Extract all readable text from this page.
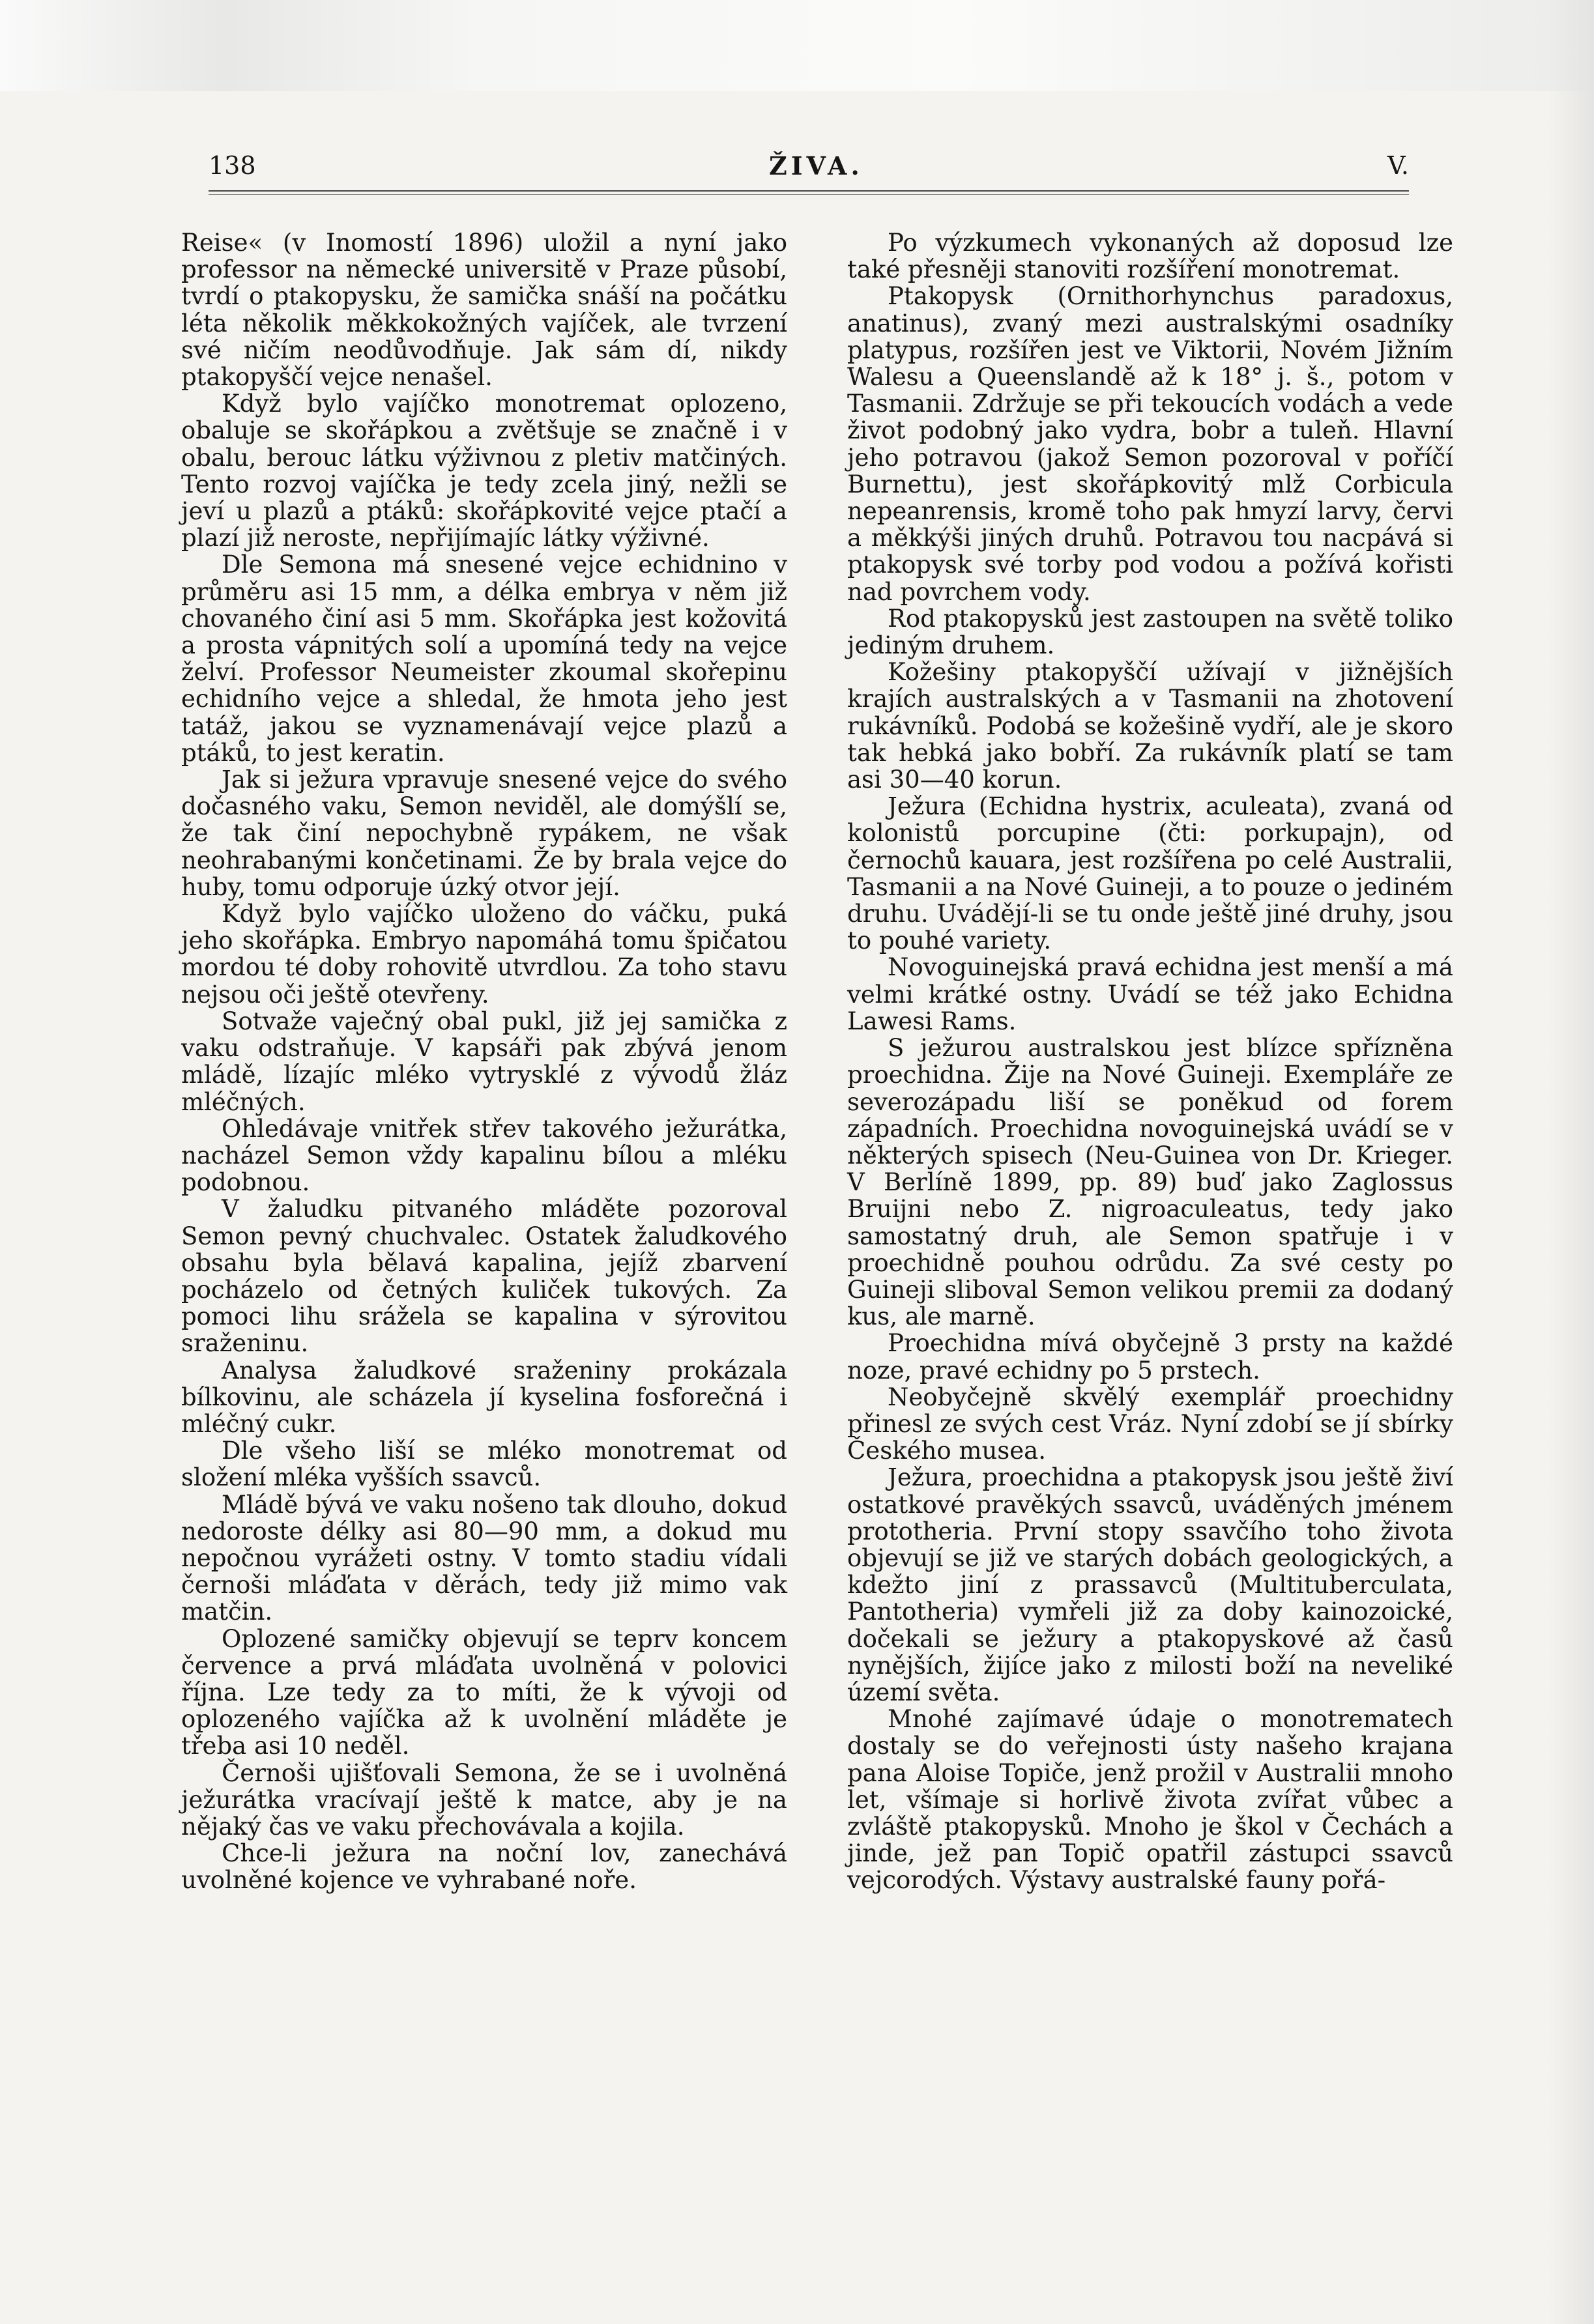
138	ŽIVA.	V.

Reise« (v Inomostí 1896) uložil a nyní jako professor na německé universitě v Praze působí, tvrdí o ptakopysku, že samička snáší na počátku léta několik měkkokožných vajíček, ale tvrzení své ničím neodůvodňuje. Jak sám dí, nikdy ptakopyščí vejce nenašel.

Když bylo vajíčko monotremat oplozeno, obaluje se skořápkou a zvětšuje se značně i v obalu, berouc látku výživnou z pletiv matčiných. Tento rozvoj vajíčka je tedy zcela jiný, nežli se jeví u plazů a ptáků: skořápkovité vejce ptačí a plazí již neroste, nepřijímajíc látky výživné.

Dle Semona má snesené vejce echidnino v průměru asi 15 mm, a délka embrya v něm již chovaného činí asi 5 mm. Skořápka jest kožovitá a prosta vápnitých solí a upomíná tedy na vejce želví. Professor Neumeister zkoumal skořepinu echidního vejce a shledal, že hmota jeho jest tatáž, jakou se vyznamenávají vejce plazů a ptáků, to jest keratin.

Jak si ježura vpravuje snesené vejce do svého dočasného vaku, Semon neviděl, ale domýšlí se, že tak činí nepochybně rypákem, ne však neohrabanými končetinami. Že by brala vejce do huby, tomu odporuje úzký otvor její.

Když bylo vajíčko uloženo do váčku, puká jeho skořápka. Embryo napomáhá tomu špičatou mordou té doby rohovitě utvrdlou. Za toho stavu nejsou oči ještě otevřeny.

Sotvaže vaječný obal pukl, již jej samička z vaku odstraňuje. V kapsáři pak zbývá jenom mládě, lízajíc mléko vytrysklé z vývodů žláz mléčných.

Ohledávaje vnitřek střev takového ježurátka, nacházel Semon vždy kapalinu bílou a mléku podobnou.

V žaludku pitvaného mláděte pozoroval Semon pevný chuchvalec. Ostatek žaludkového obsahu byla bělavá kapalina, jejíž zbarvení pocházelo od četných kuliček tukových. Za pomoci lihu srážela se kapalina v sýrovitou sraženinu.

Analysa žaludkové sraženiny prokázala bílkovinu, ale scházela jí kyselina fosforečná i mléčný cukr.

Dle všeho liší se mléko monotremat od složení mléka vyšších ssavců.

Mládě bývá ve vaku nošeno tak dlouho, dokud nedoroste délky asi 80—90 mm, a dokud mu nepočnou vyrážeti ostny. V tomto stadiu vídali černoši mláďata v děrách, tedy již mimo vak matčin.

Oplozené samičky objevují se teprv koncem července a prvá mláďata uvolněná v polovici října. Lze tedy za to míti, že k vývoji od oplozeného vajíčka až k uvolnění mláděte je třeba asi 10 neděl.

Černoši ujišťovali Semona, že se i uvolněná ježurátka vracívají ještě k matce, aby je na nějaký čas ve vaku přechovávala a kojila.

Chce-li ježura na noční lov, zanechává uvolněné kojence ve vyhrabané noře.

Po výzkumech vykonaných až doposud lze také přesněji stanoviti rozšíření monotremat.

Ptakopysk (Ornithorhynchus paradoxus, anatinus), zvaný mezi australskými osadníky platypus, rozšířen jest ve Viktorii, Novém Jižním Walesu a Queenslandě až k 18° j. š., potom v Tasmanii. Zdržuje se při tekoucích vodách a vede život podobný jako vydra, bobr a tuleň. Hlavní jeho potravou (jakož Semon pozoroval v poříčí Burnettu), jest skořápkovitý mlž Corbicula nepeanrensis, kromě toho pak hmyzí larvy, červi a měkkýši jiných druhů. Potravou tou nacpává si ptakopysk své torby pod vodou a požívá kořisti nad povrchem vody.

Rod ptakopysků jest zastoupen na světě toliko jediným druhem.

Kožešiny ptakopyščí užívají v jižnějších krajích australských a v Tasmanii na zhotovení rukávníků. Podobá se kožešině vydří, ale je skoro tak hebká jako bobří. Za rukávník platí se tam asi 30—40 korun.

Ježura (Echidna hystrix, aculeata), zvaná od kolonistů porcupine (čti: porkupajn), od černochů kauara, jest rozšířena po celé Australii, Tasmanii a na Nové Guineji, a to pouze o jediném druhu. Uvádějí-li se tu onde ještě jiné druhy, jsou to pouhé variety.

Novoguinejská pravá echidna jest menší a má velmi krátké ostny. Uvádí se též jako Echidna Lawesi Rams.

S ježurou australskou jest blízce spřízněna proechidna. Žije na Nové Guineji. Exempláře ze severozápadu liší se poněkud od forem západních. Proechidna novoguinejská uvádí se v některých spisech (Neu-Guinea von Dr. Krieger. V Berlíně 1899, pp. 89) buď jako Zaglossus Bruijni nebo Z. nigroaculeatus, tedy jako samostatný druh, ale Semon spatřuje i v proechidně pouhou odrůdu. Za své cesty po Guineji sliboval Semon velikou premii za dodaný kus, ale marně.

Proechidna mívá obyčejně 3 prsty na každé noze, pravé echidny po 5 prstech.

Neobyčejně skvělý exemplář proechidny přinesl ze svých cest Vráz. Nyní zdobí se jí sbírky Českého musea.

Ježura, proechidna a ptakopysk jsou ještě živí ostatkové pravěkých ssavců, uváděných jménem prototheria. První stopy ssavčího toho života objevují se již ve starých dobách geologických, a kdežto jiní z prassavců (Multituberculata, Pantotheria) vymřeli již za doby kainozoické, dočekali se ježury a ptakopyskové až časů nynějších, žijíce jako z milosti boží na neveliké území světa.

Mnohé zajímavé údaje o monotrematech dostaly se do veřejnosti ústy našeho krajana pana Aloise Topiče, jenž prožil v Australii mnoho let, všímaje si horlivě života zvířat vůbec a zvláště ptakopysků. Mnoho je škol v Čechách a jinde, jež pan Topič opatřil zástupci ssavců vejcorodých. Výstavy australské fauny pořá-
